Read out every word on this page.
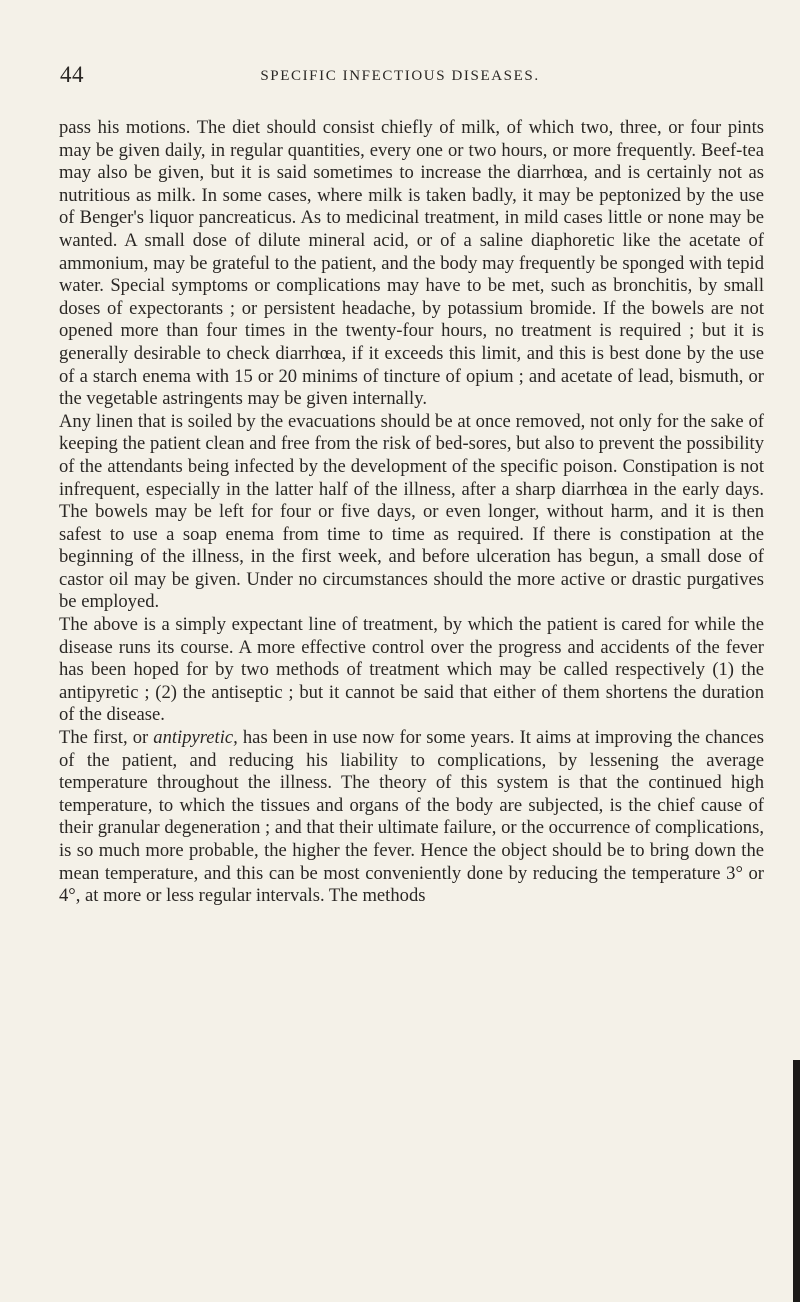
44	SPECIFIC INFECTIOUS DISEASES.

pass his motions. The diet should consist chiefly of milk, of which two, three, or four pints may be given daily, in regular quantities, every one or two hours, or more frequently. Beef-tea may also be given, but it is said sometimes to increase the diarrhœa, and is certainly not as nutritious as milk. In some cases, where milk is taken badly, it may be peptonized by the use of Benger's liquor pancreaticus. As to medicinal treatment, in mild cases little or none may be wanted. A small dose of dilute mineral acid, or of a saline diaphoretic like the acetate of ammonium, may be grateful to the patient, and the body may frequently be sponged with tepid water. Special symptoms or complications may have to be met, such as bronchitis, by small doses of expectorants ; or persistent headache, by potassium bromide. If the bowels are not opened more than four times in the twenty-four hours, no treatment is required ; but it is generally desirable to check diarrhœa, if it exceeds this limit, and this is best done by the use of a starch enema with 15 or 20 minims of tincture of opium ; and acetate of lead, bismuth, or the vegetable astringents may be given internally.

Any linen that is soiled by the evacuations should be at once removed, not only for the sake of keeping the patient clean and free from the risk of bed-sores, but also to prevent the possibility of the attendants being infected by the development of the specific poison. Constipation is not infrequent, especially in the latter half of the illness, after a sharp diarrhœa in the early days. The bowels may be left for four or five days, or even longer, without harm, and it is then safest to use a soap enema from time to time as required. If there is constipation at the beginning of the illness, in the first week, and before ulceration has begun, a small dose of castor oil may be given. Under no circumstances should the more active or drastic purgatives be employed.

The above is a simply expectant line of treatment, by which the patient is cared for while the disease runs its course. A more effective control over the progress and accidents of the fever has been hoped for by two methods of treatment which may be called respectively (1) the antipyretic ; (2) the antiseptic ; but it cannot be said that either of them shortens the duration of the disease.

The first, or antipyretic, has been in use now for some years. It aims at improving the chances of the patient, and reducing his liability to complications, by lessening the average temperature throughout the illness. The theory of this system is that the continued high temperature, to which the tissues and organs of the body are subjected, is the chief cause of their granular degeneration ; and that their ultimate failure, or the occurrence of complications, is so much more probable, the higher the fever. Hence the object should be to bring down the mean temperature, and this can be most conveniently done by reducing the temperature 3° or 4°, at more or less regular intervals. The methods
